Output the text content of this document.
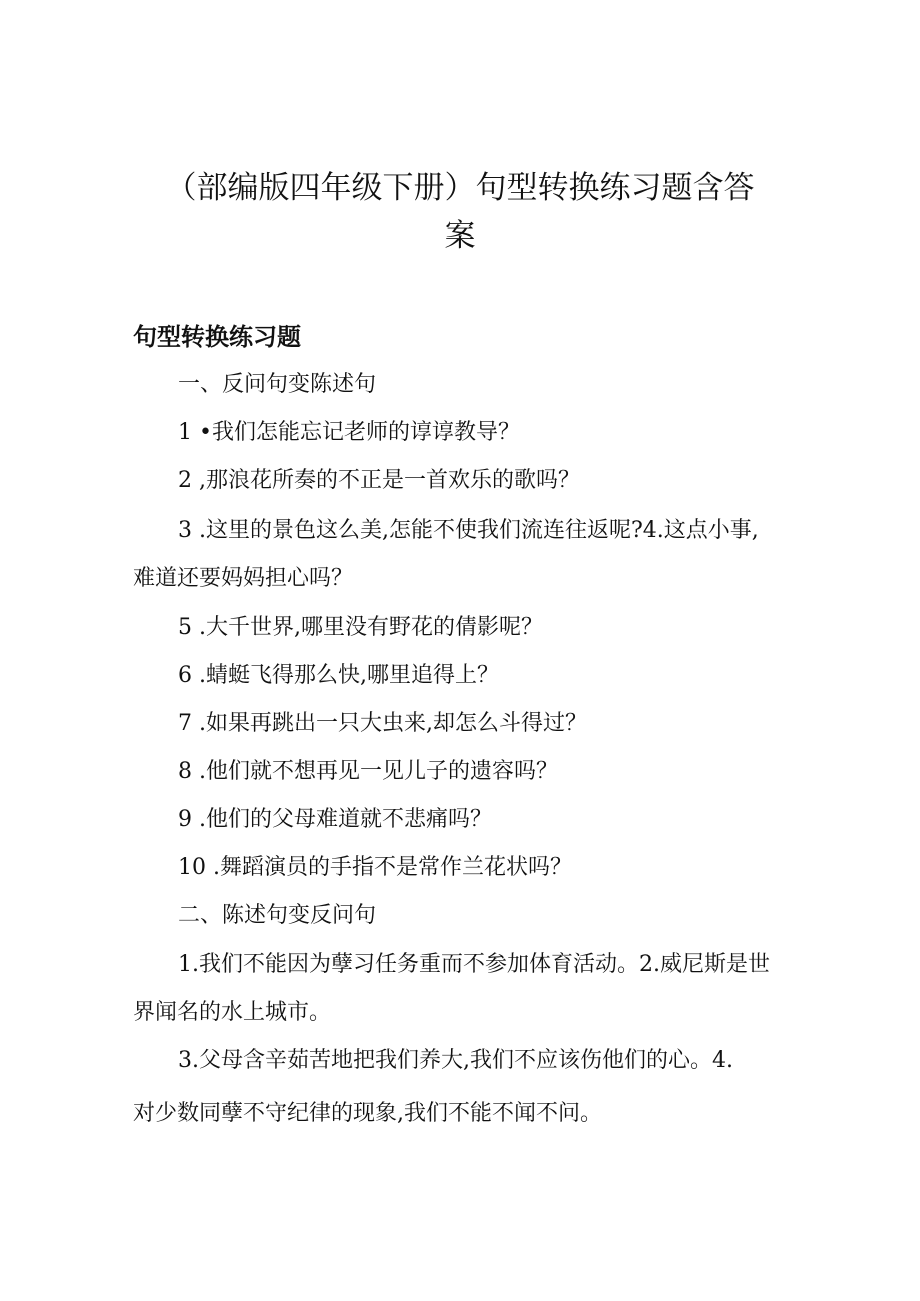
（部编版四年级下册）句型转换练习题含答
案
句型转换练习题

一、反问句变陈述句

1 •我们怎能忘记老师的谆谆教导？

2 ,那浪花所奏的不正是一首欢乐的歌吗？

3 .这里的景色这么美,怎能不使我们流连往返呢?4.这点小事,

难道还要妈妈担心吗？

5 .大千世界,哪里没有野花的倩影呢？

6 .蜻蜓飞得那么快,哪里追得上？

7 .如果再跳出一只大虫来,却怎么斗得过？

8 .他们就不想再见一见儿子的遗容吗？

9 .他们的父母难道就不悲痛吗？

10 .舞蹈演员的手指不是常作兰花状吗？

二、陈述句变反问句

1.我们不能因为孽习任务重而不参加体育活动。2.威尼斯是世

界闻名的水上城市。

3.父母含辛茹苦地把我们养大,我们不应该伤他们的心。4.

对少数同孽不守纪律的现象,我们不能不闻不问。
